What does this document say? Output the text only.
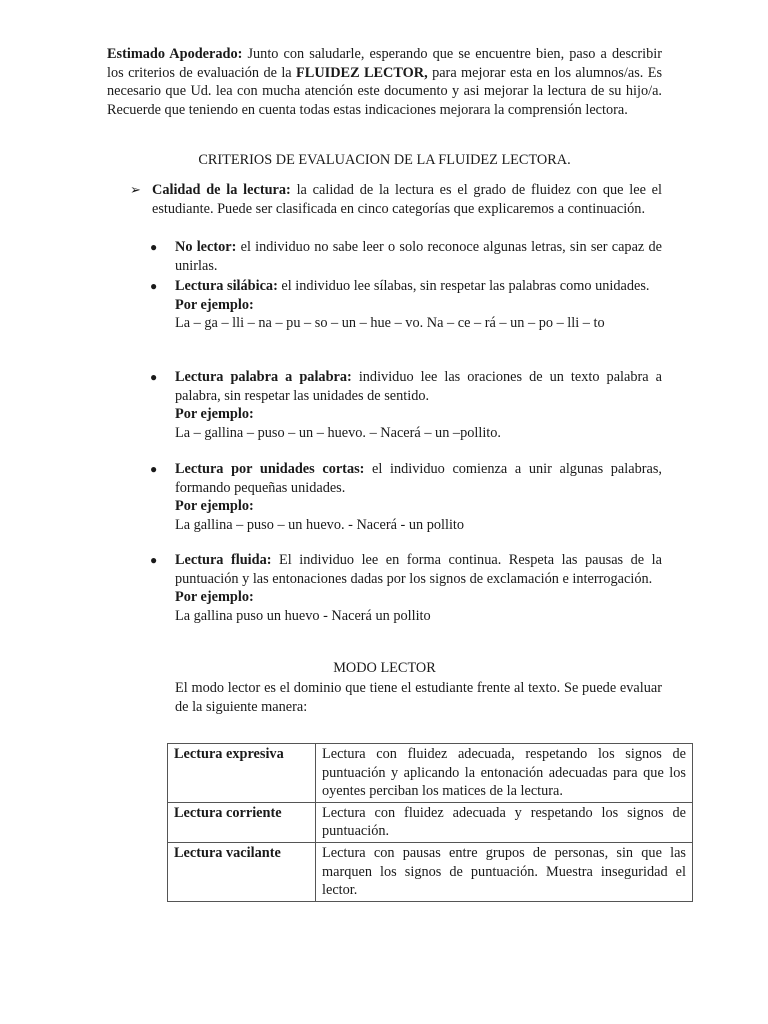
Estimado Apoderado: Junto con saludarle, esperando que se encuentre bien, paso a describir los criterios de evaluación de la FLUIDEZ LECTOR, para mejorar esta en los alumnos/as. Es necesario que Ud. lea con mucha atención este documento y asi mejorar la lectura de su hijo/a. Recuerde que teniendo en cuenta todas estas indicaciones mejorara la comprensión lectora.

CRITERIOS DE EVALUACION DE LA FLUIDEZ LECTORA.
➢ Calidad de la lectura: la calidad de la lectura es el grado de fluidez con que lee el estudiante. Puede ser clasificada en cinco categorías que explicaremos a continuación.
●	No lector: el individuo no sabe leer o solo reconoce algunas letras, sin ser capaz de unirlas.
●	Lectura silábica: el individuo lee sílabas, sin respetar las palabras como unidades.
Por ejemplo:
La – ga – lli – na – pu – so – un – hue – vo. Na – ce – rá – un – po – lli – to
●	Lectura palabra a palabra: individuo lee las oraciones de un texto palabra a palabra, sin respetar las unidades de sentido.
Por ejemplo:
La – gallina – puso – un – huevo. – Nacerá – un –pollito.
●	Lectura por unidades cortas: el individuo comienza a unir algunas palabras, formando pequeñas unidades.
Por ejemplo:
La gallina – puso – un huevo. - Nacerá - un pollito
●	Lectura fluida: El individuo lee en forma continua. Respeta las pausas de la puntuación y las entonaciones dadas por los signos de exclamación e interrogación.
Por ejemplo:
La gallina puso un huevo - Nacerá un pollito
MODO LECTOR
El modo lector es el dominio que tiene el estudiante frente al texto. Se puede evaluar de la siguiente manera:
Lectura expresiva	Lectura con fluidez adecuada, respetando los signos de puntuación y aplicando la entonación adecuadas para que los oyentes perciban los matices de la lectura.
Lectura corriente	Lectura con fluidez adecuada y respetando los signos de puntuación.
Lectura vacilante	Lectura con pausas entre grupos de personas, sin que las marquen los signos de puntuación. Muestra inseguridad el lector.
